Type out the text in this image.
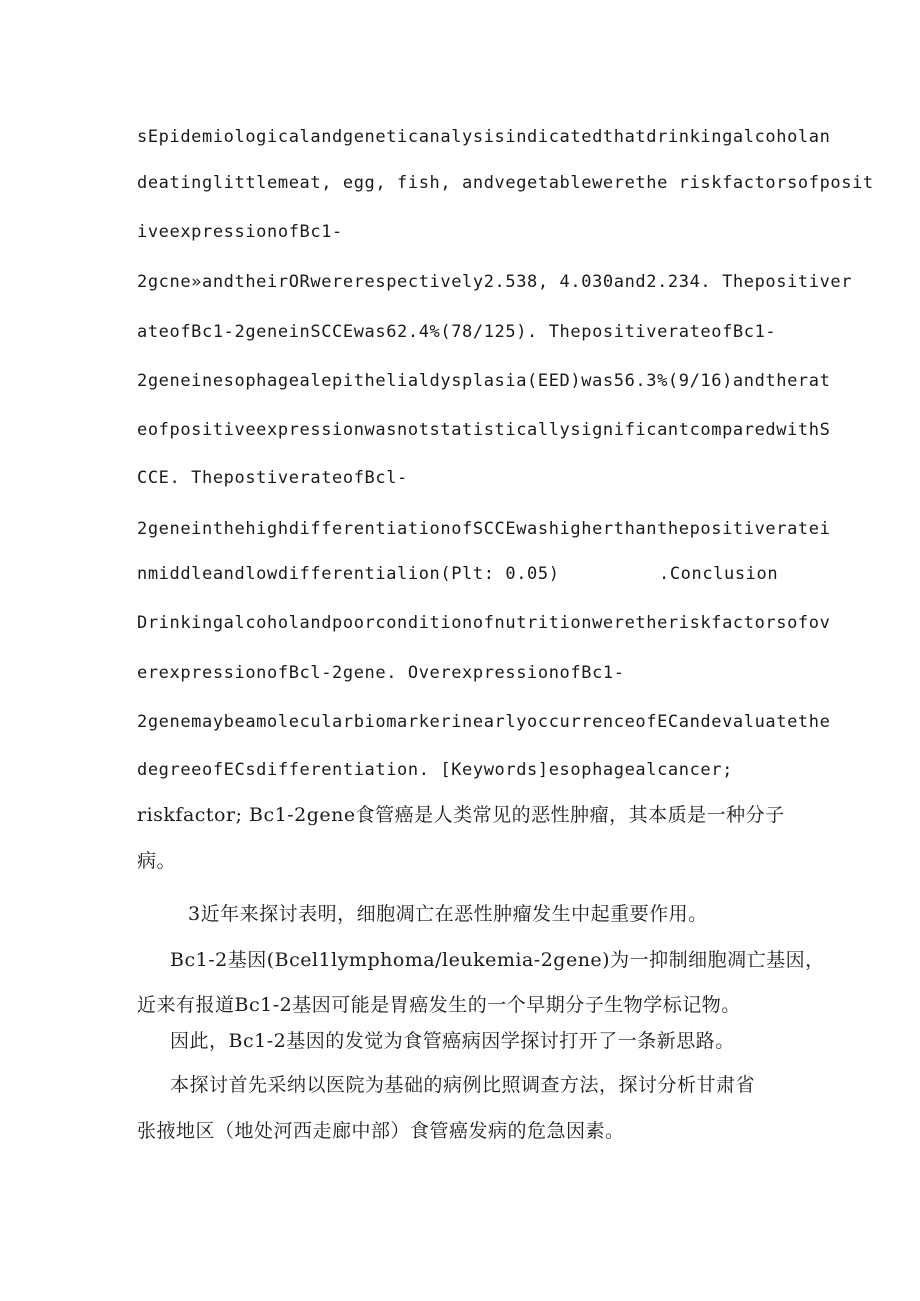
sEpidemiologicalandgeneticanalysisindicatedthatdrinkingalcoholan
deatinglittlemeat, egg, fish, andvegetablewerethe riskfactorsofposit
iveexpressionofBc1-
2gcne»andtheirORwererespectively2.538, 4.030and2.234. Thepositiver
ateofBc1-2geneinSCCEwas62.4%(78/125). ThepositiverateofBc1-
2geneinesophagealepithelialdysplasia(EED)was56.3%(9/16)andtherat
eofpositiveexpressionwasnotstatisticallysignificantcomparedwithS
CCE. ThepostiverateofBcl-
2geneinthehighdifferentiationofSCCEwashigherthanthepositiveratei
nmiddleandlowdifferentialion(Plt: 0.05)	.Conclusion
Drinkingalcoholandpoorconditionofnutritionweretheriskfactorsofov
erexpressionofBcl-2gene. OverexpressionofBc1-
2genemaybeamolecularbiomarkerinearlyoccurrenceofECandevaluatethe
degreeofECsdifferentiation. [Keywords]esophagealcancer;
riskfactor; Bc1-2gene食管癌是人类常见的恶性肿瘤，其本质是一种分子
病。
3近年来探讨表明，细胞凋亡在恶性肿瘤发生中起重要作用。
Bc1-2基因(Bcel1lymphoma/leukemia-2gene)为一抑制细胞凋亡基因，
近来有报道Bc1-2基因可能是胃癌发生的一个早期分子生物学标记物。
因此，Bc1-2基因的发觉为食管癌病因学探讨打开了一条新思路。
本探讨首先采纳以医院为基础的病例比照调查方法，探讨分析甘肃省
张掖地区（地处河西走廊中部）食管癌发病的危急因素。
